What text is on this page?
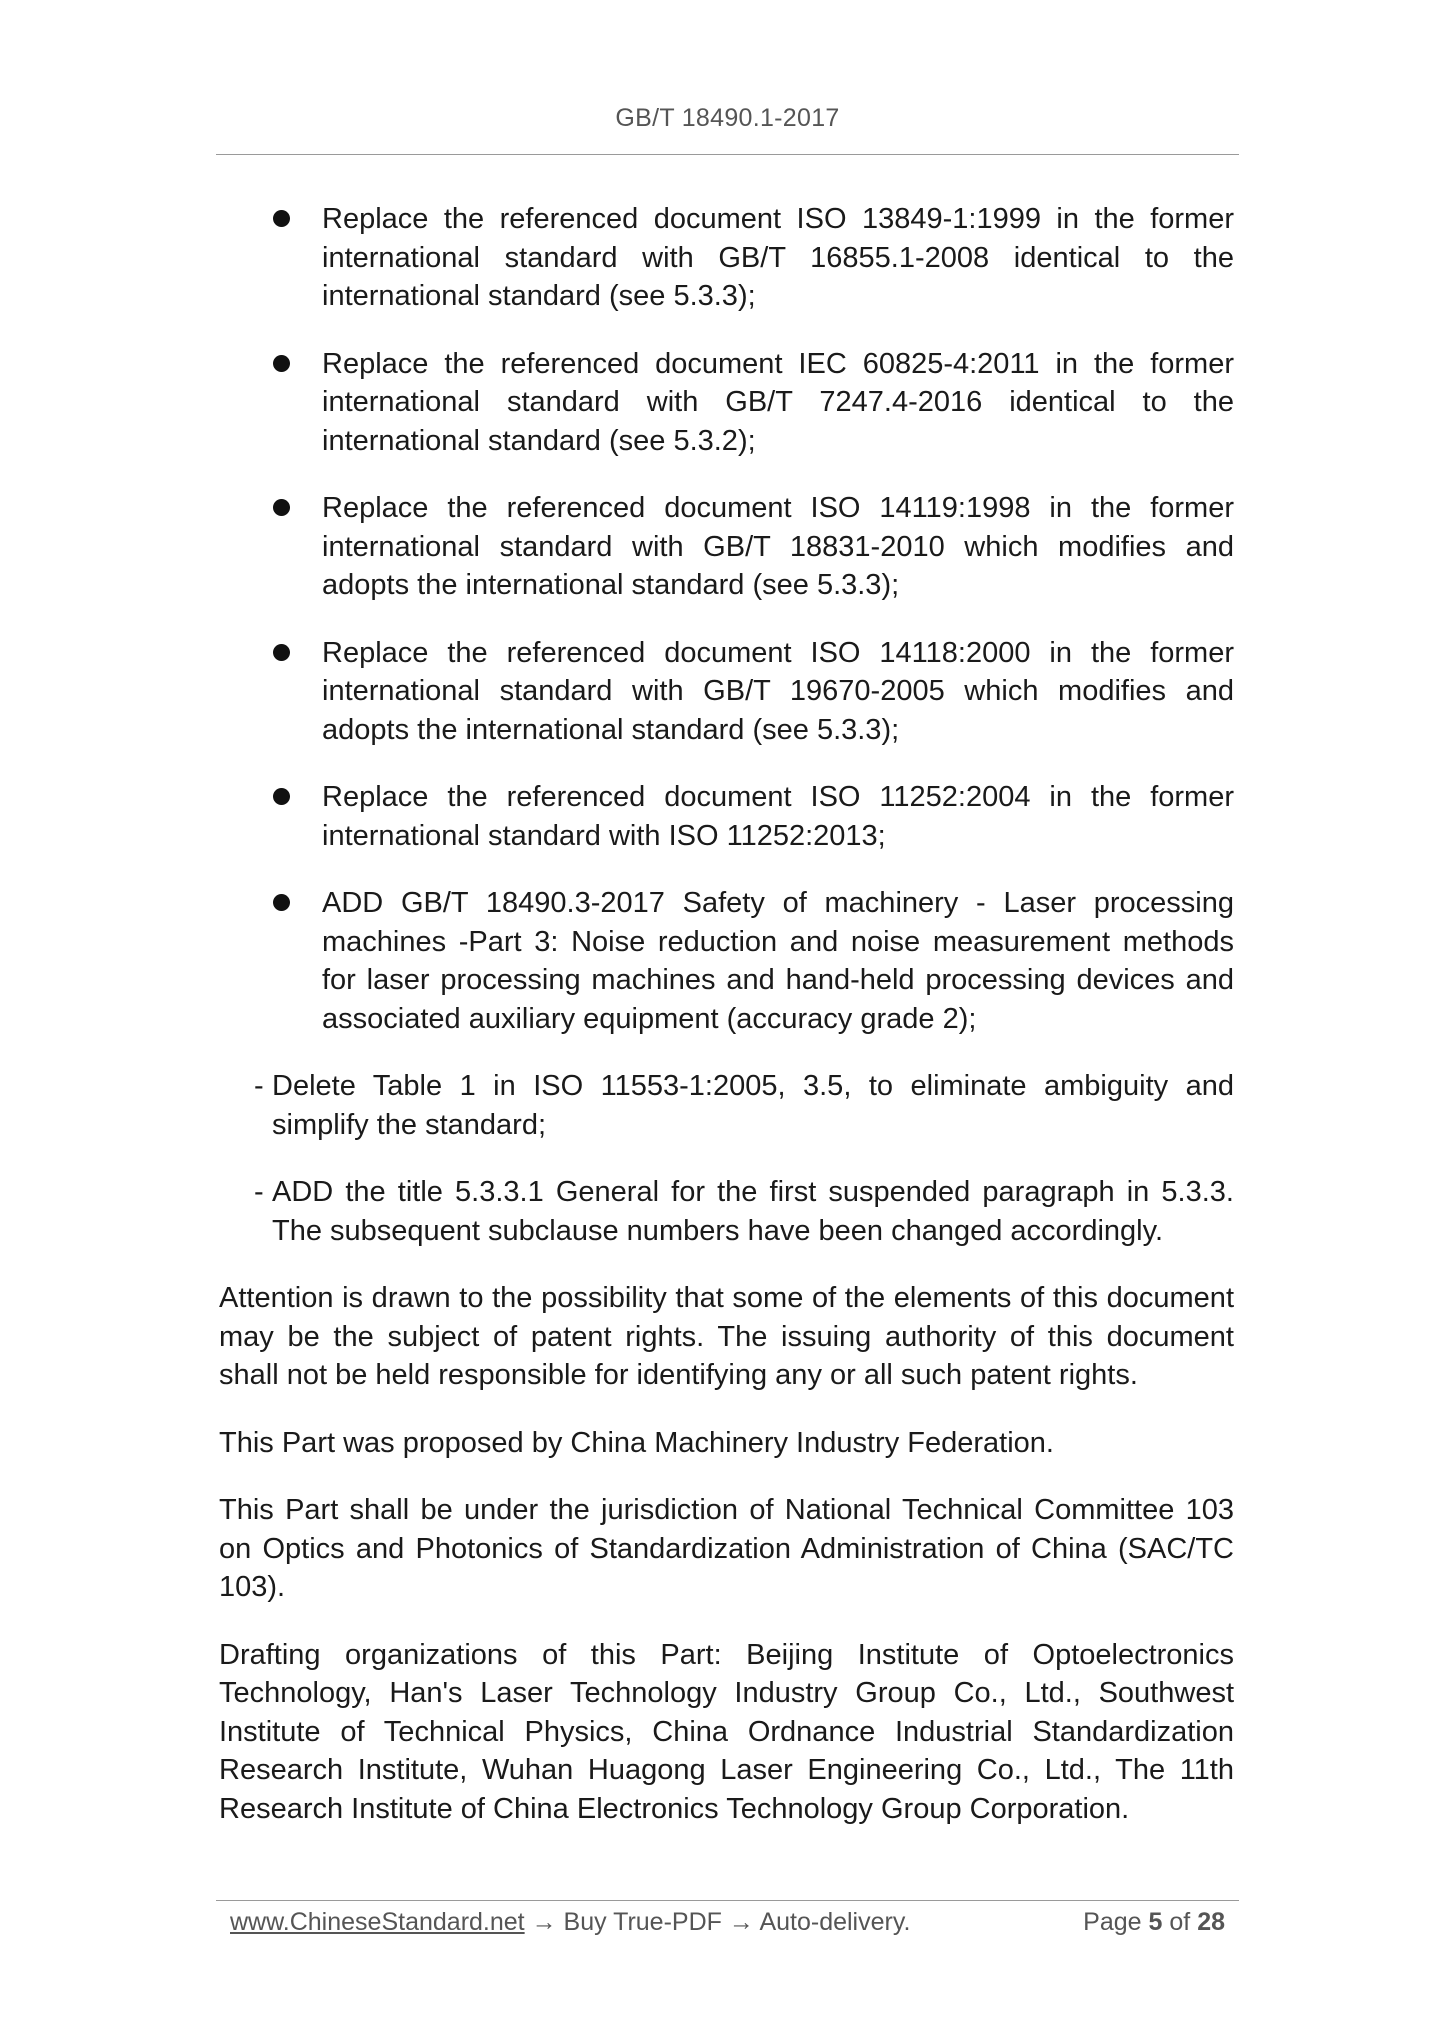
GB/T 18490.1-2017
Replace the referenced document ISO 13849-1:1999 in the former international standard with GB/T 16855.1-2008 identical to the international standard (see 5.3.3);
Replace the referenced document IEC 60825-4:2011 in the former international standard with GB/T 7247.4-2016 identical to the international standard (see 5.3.2);
Replace the referenced document ISO 14119:1998 in the former international standard with GB/T 18831-2010 which modifies and adopts the international standard (see 5.3.3);
Replace the referenced document ISO 14118:2000 in the former international standard with GB/T 19670-2005 which modifies and adopts the international standard (see 5.3.3);
Replace the referenced document ISO 11252:2004 in the former international standard with ISO 11252:2013;
ADD GB/T 18490.3-2017 Safety of machinery - Laser processing machines -Part 3: Noise reduction and noise measurement methods for laser processing machines and hand-held processing devices and associated auxiliary equipment (accuracy grade 2);
- Delete Table 1 in ISO 11553-1:2005, 3.5, to eliminate ambiguity and simplify the standard;
- ADD the title 5.3.3.1 General for the first suspended paragraph in 5.3.3. The subsequent subclause numbers have been changed accordingly.

Attention is drawn to the possibility that some of the elements of this document may be the subject of patent rights. The issuing authority of this document shall not be held responsible for identifying any or all such patent rights.

This Part was proposed by China Machinery Industry Federation.

This Part shall be under the jurisdiction of National Technical Committee 103 on Optics and Photonics of Standardization Administration of China (SAC/TC 103).

Drafting organizations of this Part: Beijing Institute of Optoelectronics Technology, Han's Laser Technology Industry Group Co., Ltd., Southwest Institute of Technical Physics, China Ordnance Industrial Standardization Research Institute, Wuhan Huagong Laser Engineering Co., Ltd., The 11th Research Institute of China Electronics Technology Group Corporation.

www.ChineseStandard.net → Buy True-PDF → Auto-delivery.	Page 5 of 28
